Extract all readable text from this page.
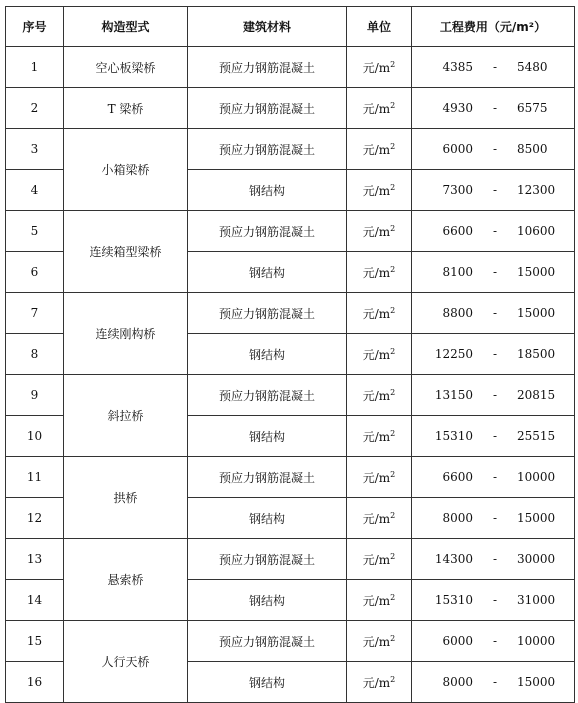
序号	构造型式	建筑材料	单位	工程费用（元/m²）
1	空心板梁桥	预应力钢筋混凝土	元$/m^2$	4385 - 5480

2	T 梁桥	预应力钢筋混凝土	元$/m^2$	4930 - 6575

3	小箱梁桥	预应力钢筋混凝土	元$/m^2$	6000 - 8500

4		钢结构	元$/m^2$	7300 - 12300

5	连续箱型梁桥	预应力钢筋混凝土	元$/m^2$	6600 - 10600

6		钢结构	元$/m^2$	8100 - 15000

7	连续刚构桥	预应力钢筋混凝土	元$/m^2$	8800 - 15000

8		钢结构	元$/m^2$	12250 - 18500

9	斜拉桥	预应力钢筋混凝土	元$/m^2$	13150 - 20815

10		钢结构	元$/m^2$	15310 - 25515

11	拱桥	预应力钢筋混凝土	元$/m^2$	6600 - 10000

12		钢结构	元$/m^2$	8000 - 15000

13	悬索桥	预应力钢筋混凝土	元$/m^2$	14300 - 30000

14		钢结构	元$/m^2$	15310 - 31000

15	人行天桥	预应力钢筋混凝土	元$/m^2$	6000 - 10000

16		钢结构	元$/m^2$	8000 - 15000
